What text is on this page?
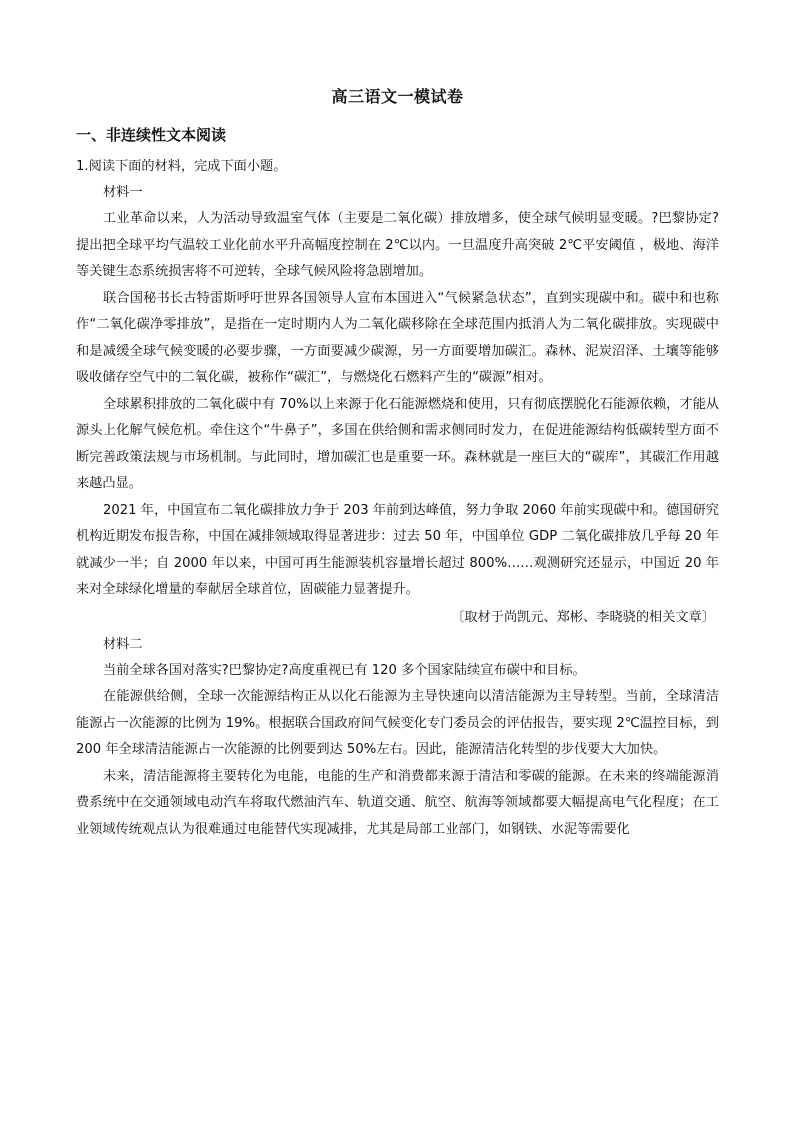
高三语文一模试卷
一、非连续性文本阅读

1.阅读下面的材料，完成下面小题。

材料一

工业革命以来，人为活动导致温室气体（主要是二氧化碳）排放增多，使全球气候明显变暖。?巴黎协定?提出把全球平均气温较工业化前水平升高幅度控制在 2℃以内。一旦温度升高突破 2℃平安阈值 ，极地、海洋等关键生态系统损害将不可逆转，全球气候风险将急剧增加。

联合国秘书长古特雷斯呼吁世界各国领导人宣布本国进入“气候紧急状态”，直到实现碳中和。碳中和也称作“二氧化碳净零排放”，是指在一定时期内人为二氧化碳移除在全球范围内抵消人为二氧化碳排放。实现碳中和是减缓全球气候变暖的必要步骤，一方面要减少碳源，另一方面要增加碳汇。森林、泥炭沼泽、土壤等能够吸收储存空气中的二氧化碳，被称作“碳汇”，与燃烧化石燃料产生的“碳源”相对。

全球累积排放的二氧化碳中有 70%以上来源于化石能源燃烧和使用，只有彻底摆脱化石能源依赖，才能从源头上化解气候危机。牵住这个“牛鼻子”，多国在供给侧和需求侧同时发力，在促进能源结构低碳转型方面不断完善政策法规与市场机制。与此同时，增加碳汇也是重要一环。森林就是一座巨大的“碳库”，其碳汇作用越来越凸显。

2021 年，中国宣布二氧化碳排放力争于 203 年前到达峰值，努力争取 2060 年前实现碳中和。德国研究机构近期发布报告称，中国在减排领域取得显著进步：过去 50 年，中国单位 GDP 二氧化碳排放几乎每 20 年就减少一半；自 2000 年以来，中国可再生能源装机容量增长超过 800%……观测研究还显示，中国近 20 年来对全球绿化增量的奉献居全球首位，固碳能力显著提升。

〔取材于尚凯元、郑彬、李晓骁的相关文章〕

材料二

当前全球各国对落实?巴黎协定?高度重视已有 120 多个国家陆续宣布碳中和目标。

在能源供给侧，全球一次能源结构正从以化石能源为主导快速向以清洁能源为主导转型。当前，全球清洁能源占一次能源的比例为 19%。根据联合国政府间气候变化专门委员会的评估报告，要实现 2℃温控目标，到 200 年全球清洁能源占一次能源的比例要到达 50%左右。因此，能源清洁化转型的步伐要大大加快。

未来，清洁能源将主要转化为电能，电能的生产和消费都来源于清洁和零碳的能源。在未来的终端能源消费系统中在交通领域电动汽车将取代燃油汽车、轨道交通、航空、航海等领域都要大幅提高电气化程度；在工业领域传统观点认为很难通过电能替代实现减排，尤其是局部工业部门，如钢铁、水泥等需要化
